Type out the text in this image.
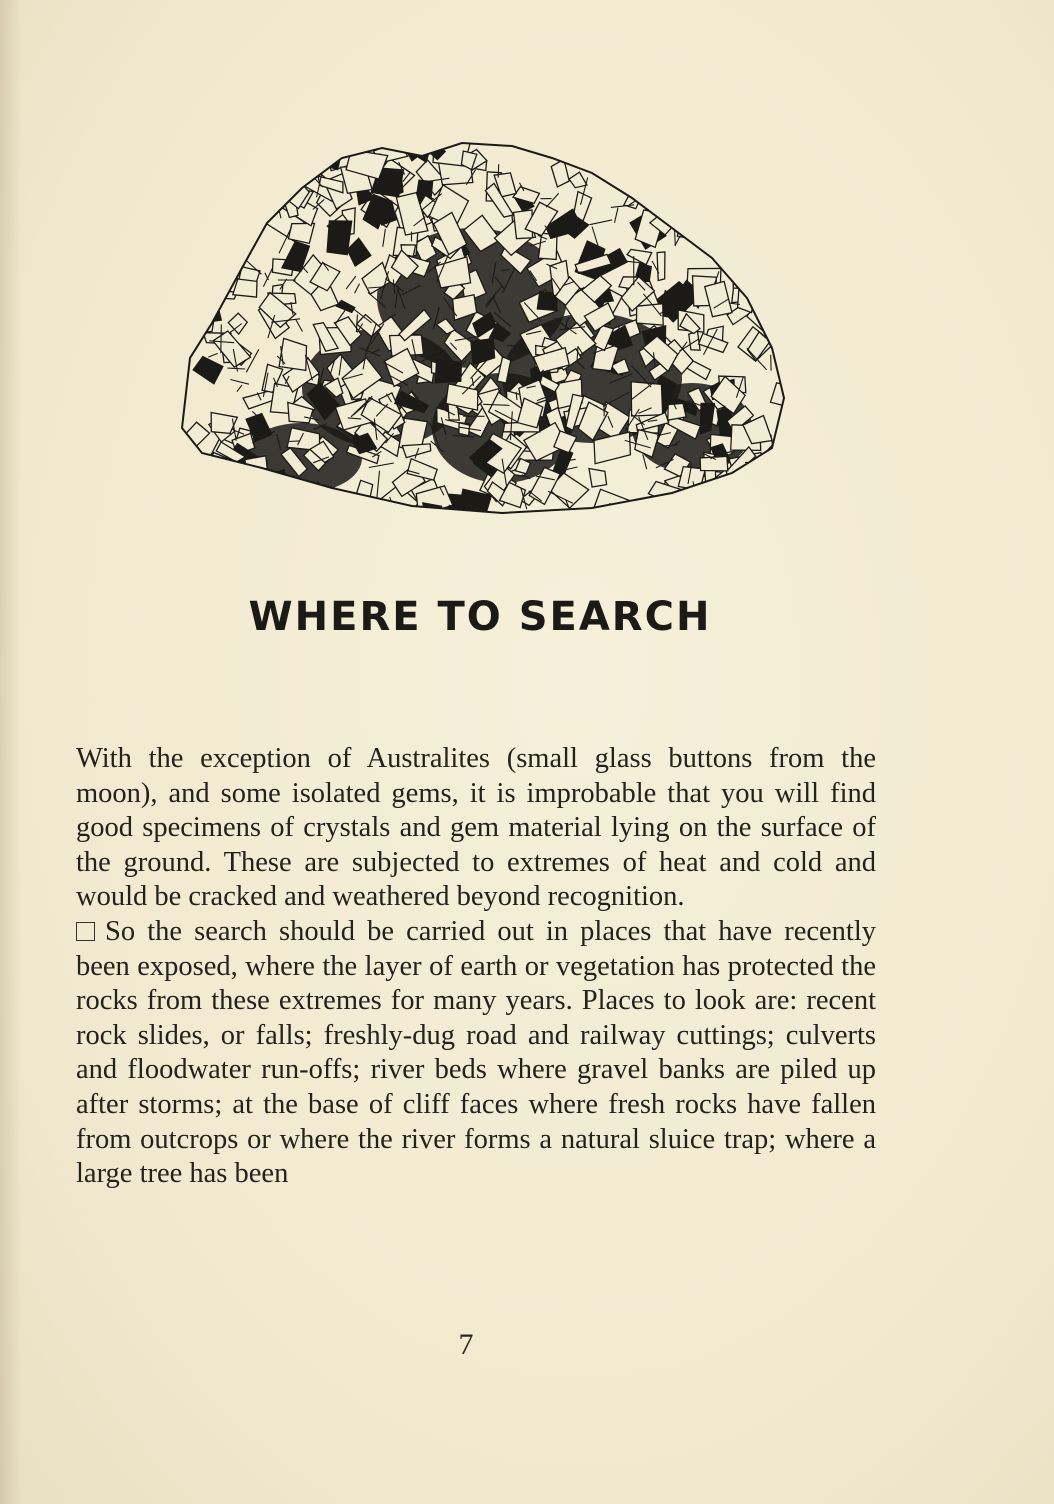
WHERE TO SEARCH

With the exception of Australites (small glass buttons from the moon), and some isolated gems, it is improbable that you will find good specimens of crystals and gem material lying on the surface of the ground. These are subjected to extremes of heat and cold and would be cracked and weathered beyond recognition.

So the search should be carried out in places that have recently been exposed, where the layer of earth or vegetation has protected the rocks from these extremes for many years. Places to look are: recent rock slides, or falls; freshly-dug road and railway cuttings; culverts and floodwater run-offs; river beds where gravel banks are piled up after storms; at the base of cliff faces where fresh rocks have fallen from outcrops or where the river forms a natural sluice trap; where a large tree has been

7
